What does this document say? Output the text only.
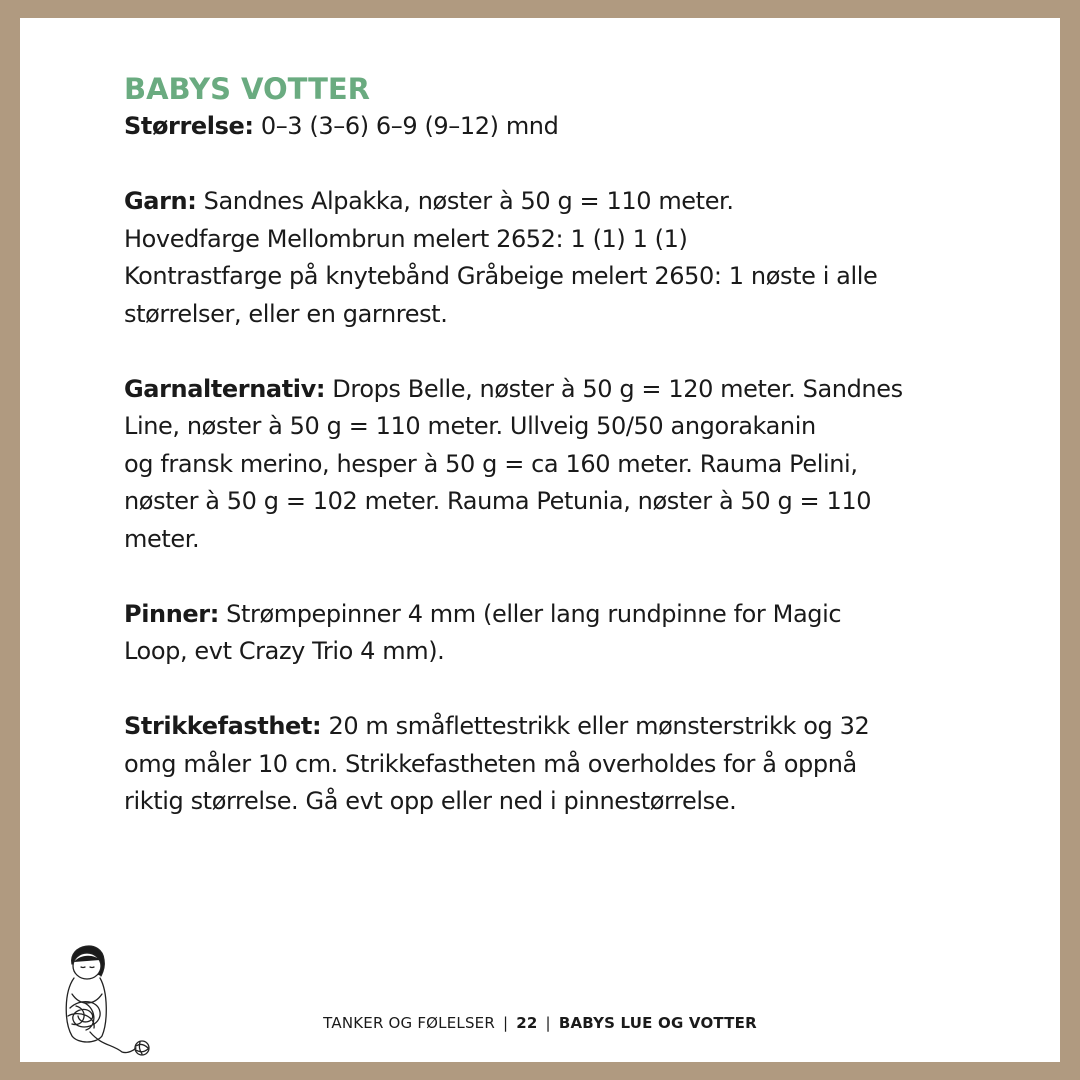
BABYS VOTTER
Størrelse: 0–3 (3–6) 6–9 (9–12) mnd
Garn: Sandnes Alpakka, nøster à 50 g = 110 meter.
Hovedfarge Mellombrun melert 2652: 1 (1) 1 (1)
Kontrastfarge på knytebånd Gråbeige melert 2650: 1 nøste i alle
størrelser, eller en garnrest.
Garnalternativ: Drops Belle, nøster à 50 g = 120 meter. Sandnes
Line, nøster à 50 g = 110 meter. Ullveig 50/50 angorakanin
og fransk merino, hesper à 50 g = ca 160 meter. Rauma Pelini,
nøster à 50 g = 102 meter. Rauma Petunia, nøster à 50 g = 110
meter.
Pinner: Strømpepinner 4 mm (eller lang rundpinne for Magic
Loop, evt Crazy Trio 4 mm).
Strikkefasthet: 20 m småflettestrikk eller mønsterstrikk og 32
omg måler 10 cm. Strikkefastheten må overholdes for å oppnå
riktig størrelse. Gå evt opp eller ned i pinnestørrelse.
TANKER OG FØLELSER | 22 | BABYS LUE OG VOTTER
